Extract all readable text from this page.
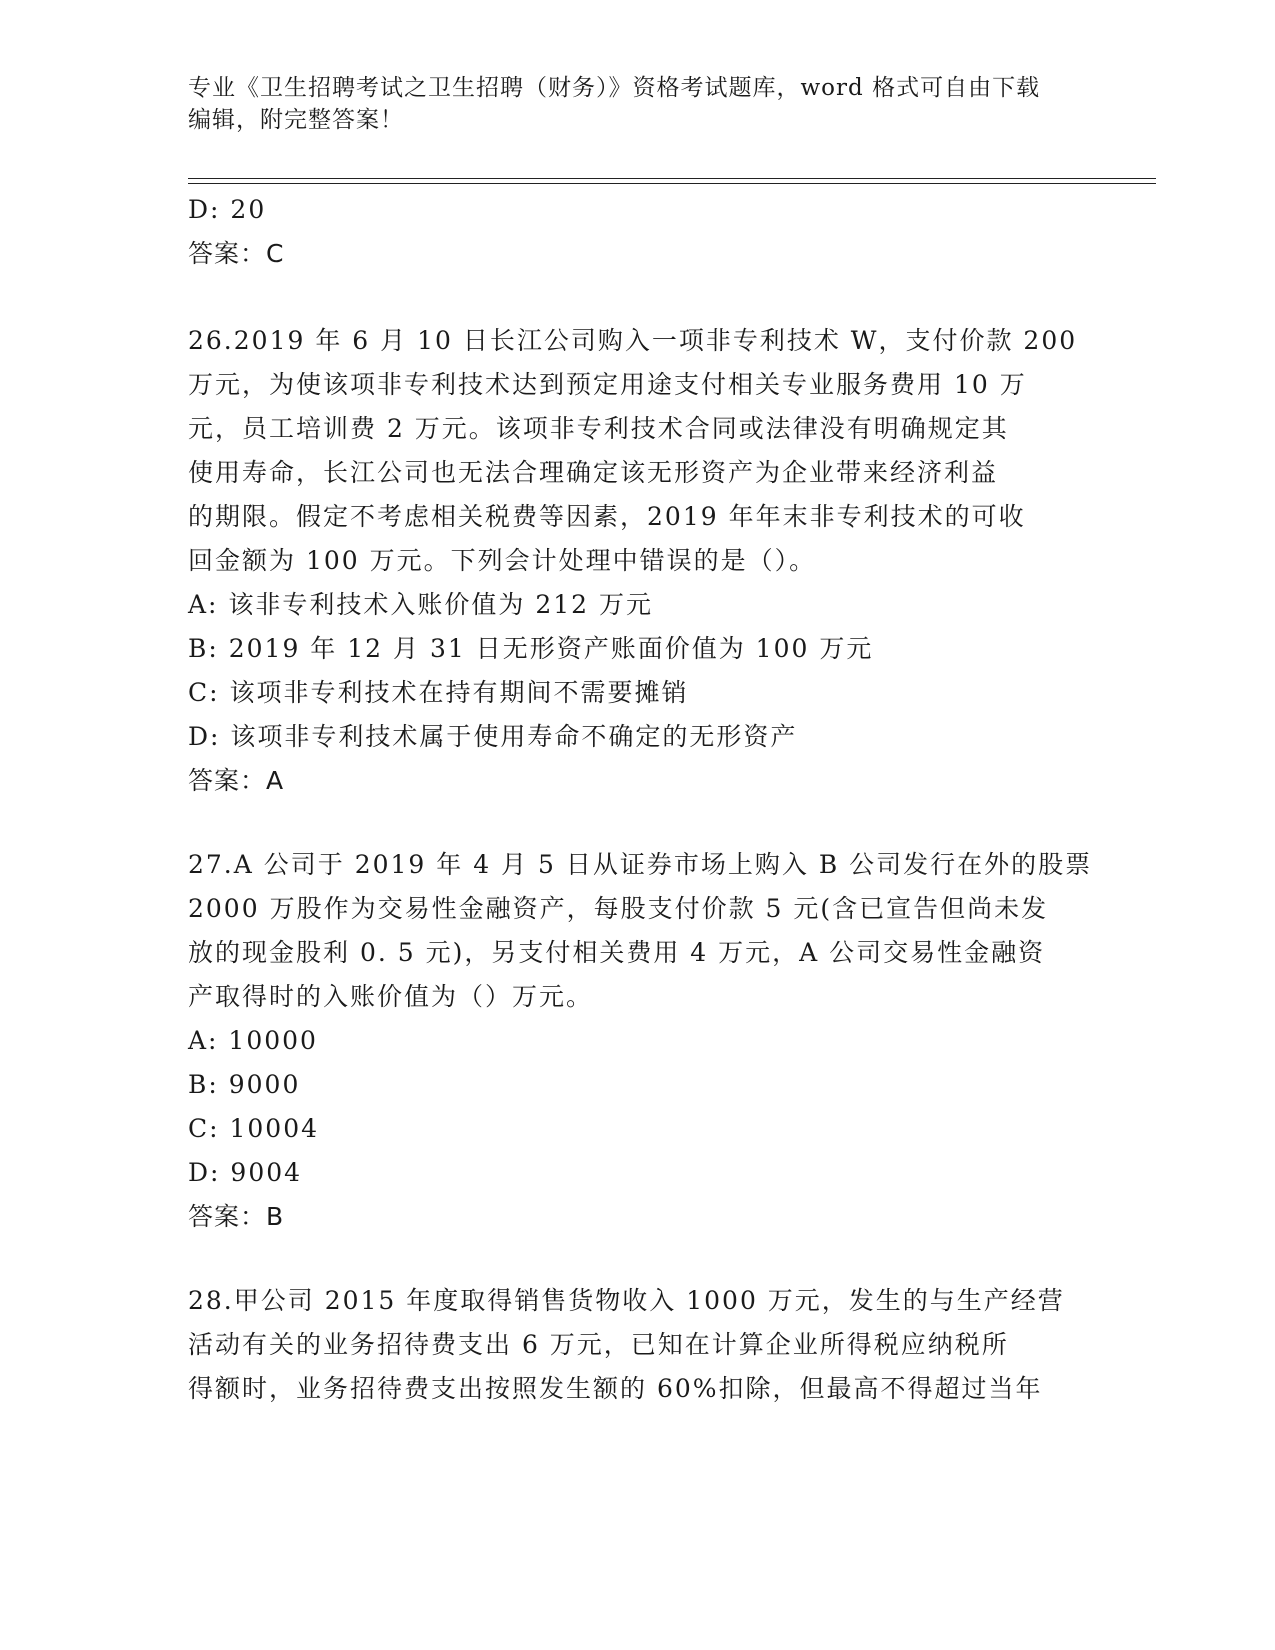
专业《卫生招聘考试之卫生招聘（财务）》资格考试题库，word 格式可自由下载
编辑，附完整答案！
D: 20
答案：C
26.2019 年 6 月 10 日长江公司购入一项非专利技术 W，支付价款 200
万元，为使该项非专利技术达到预定用途支付相关专业服务费用 10 万
元，员工培训费 2 万元。该项非专利技术合同或法律没有明确规定其
使用寿命，长江公司也无法合理确定该无形资产为企业带来经济利益
的期限。假定不考虑相关税费等因素，2019 年年末非专利技术的可收
回金额为 100 万元。下列会计处理中错误的是（）。
A: 该非专利技术入账价值为 212 万元
B: 2019 年 12 月 31 日无形资产账面价值为 100 万元
C: 该项非专利技术在持有期间不需要摊销
D: 该项非专利技术属于使用寿命不确定的无形资产
答案：A
27.A 公司于 2019 年 4 月 5 日从证券市场上购入 B 公司发行在外的股票
2000 万股作为交易性金融资产，每股支付价款 5 元(含已宣告但尚未发
放的现金股利 0. 5 元)，另支付相关费用 4 万元，A 公司交易性金融资
产取得时的入账价值为（）万元。
A: 10000
B: 9000
C: 10004
D: 9004
答案：B
28.甲公司 2015 年度取得销售货物收入 1000 万元，发生的与生产经营
活动有关的业务招待费支出 6 万元，已知在计算企业所得税应纳税所
得额时，业务招待费支出按照发生额的 60%扣除，但最高不得超过当年
